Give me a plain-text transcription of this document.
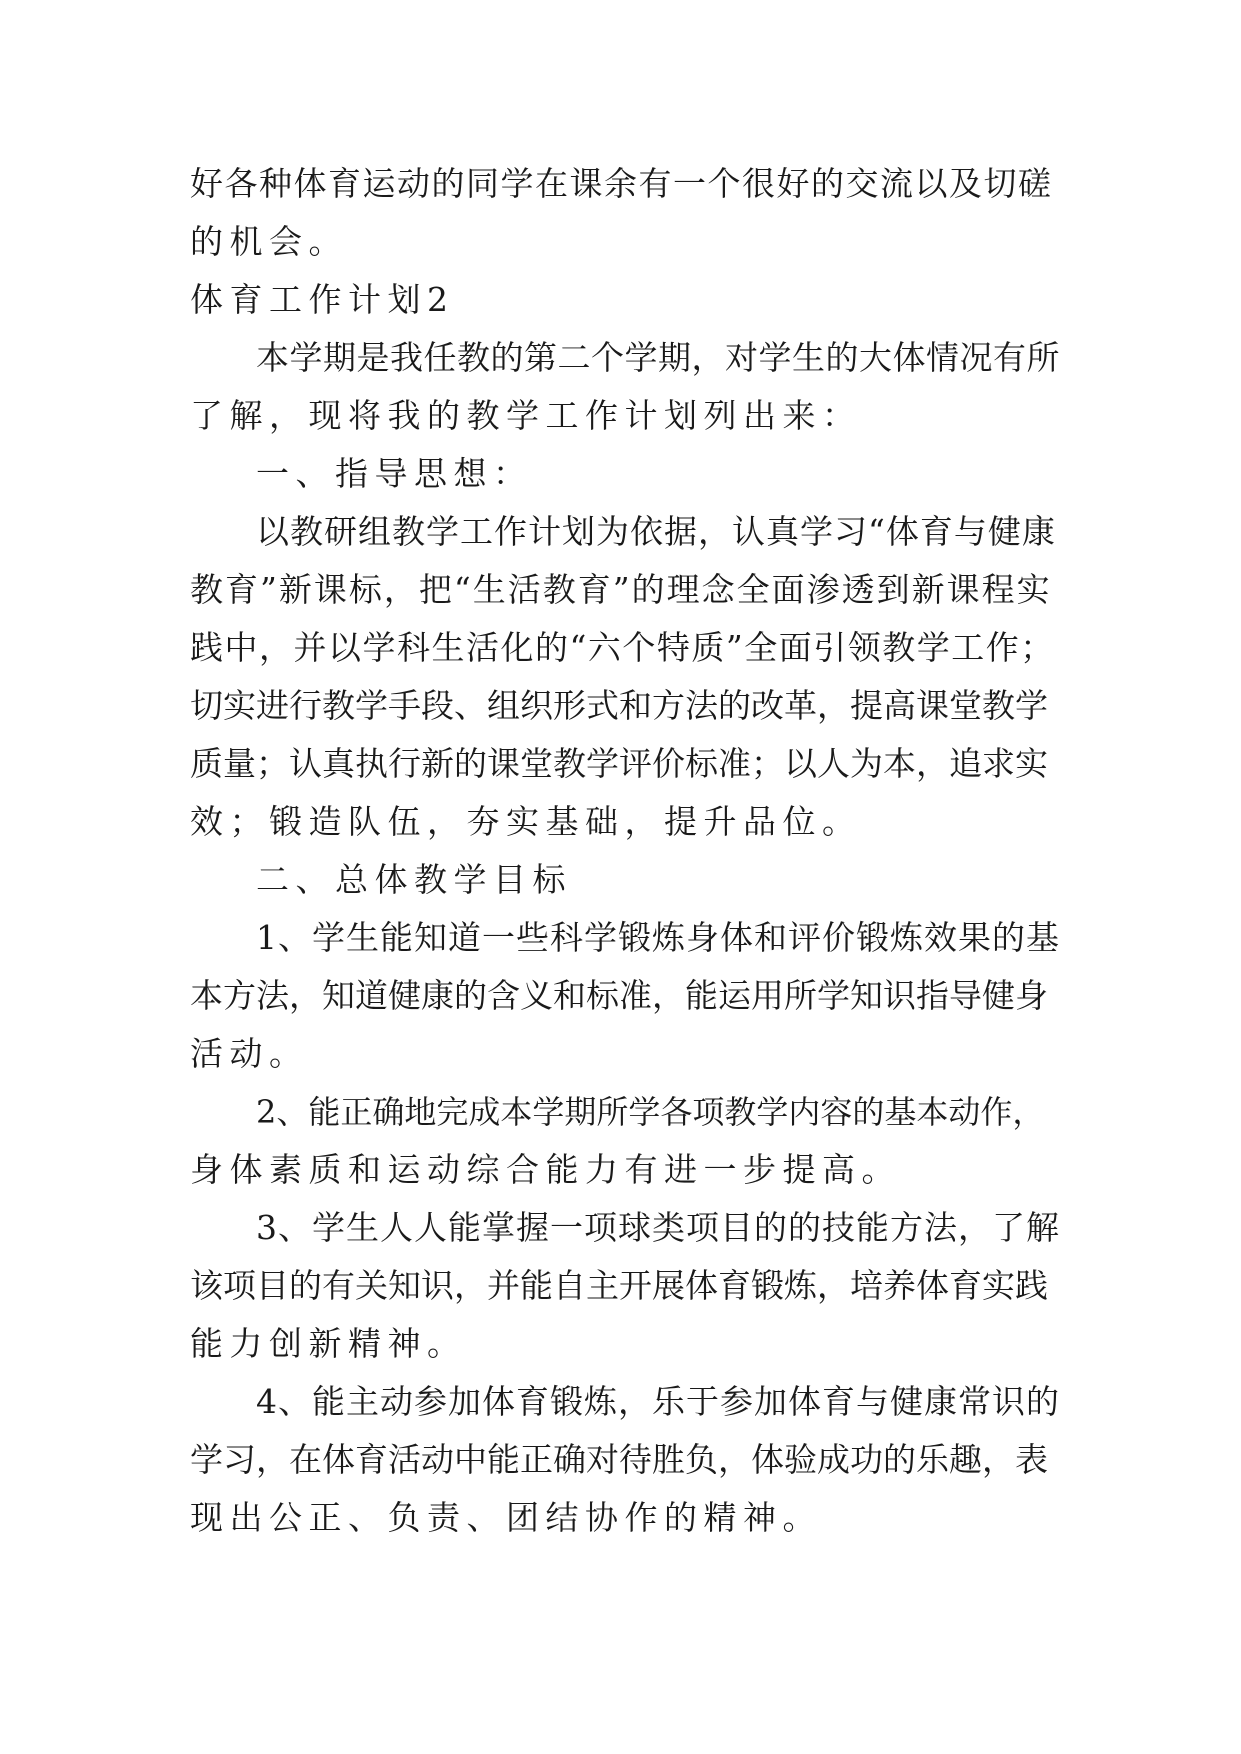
好各种体育运动的同学在课余有一个很好的交流以及切磋
的机会。
体育工作计划2
本学期是我任教的第二个学期，对学生的大体情况有所
了解，现将我的教学工作计划列出来：
一、指导思想：
以教研组教学工作计划为依据，认真学习“体育与健康
教育”新课标，把“生活教育”的理念全面渗透到新课程实
践中，并以学科生活化的“六个特质”全面引领教学工作；
切实进行教学手段、组织形式和方法的改革，提高课堂教学
质量；认真执行新的课堂教学评价标准；以人为本，追求实
效；锻造队伍，夯实基础，提升品位。
二、总体教学目标
1、学生能知道一些科学锻炼身体和评价锻炼效果的基
本方法，知道健康的含义和标准，能运用所学知识指导健身
活动。
2、能正确地完成本学期所学各项教学内容的基本动作，
身体素质和运动综合能力有进一步提高。
3、学生人人能掌握一项球类项目的的技能方法，了解
该项目的有关知识，并能自主开展体育锻炼，培养体育实践
能力创新精神。
4、能主动参加体育锻炼，乐于参加体育与健康常识的
学习，在体育活动中能正确对待胜负，体验成功的乐趣，表
现出公正、负责、团结协作的精神。
